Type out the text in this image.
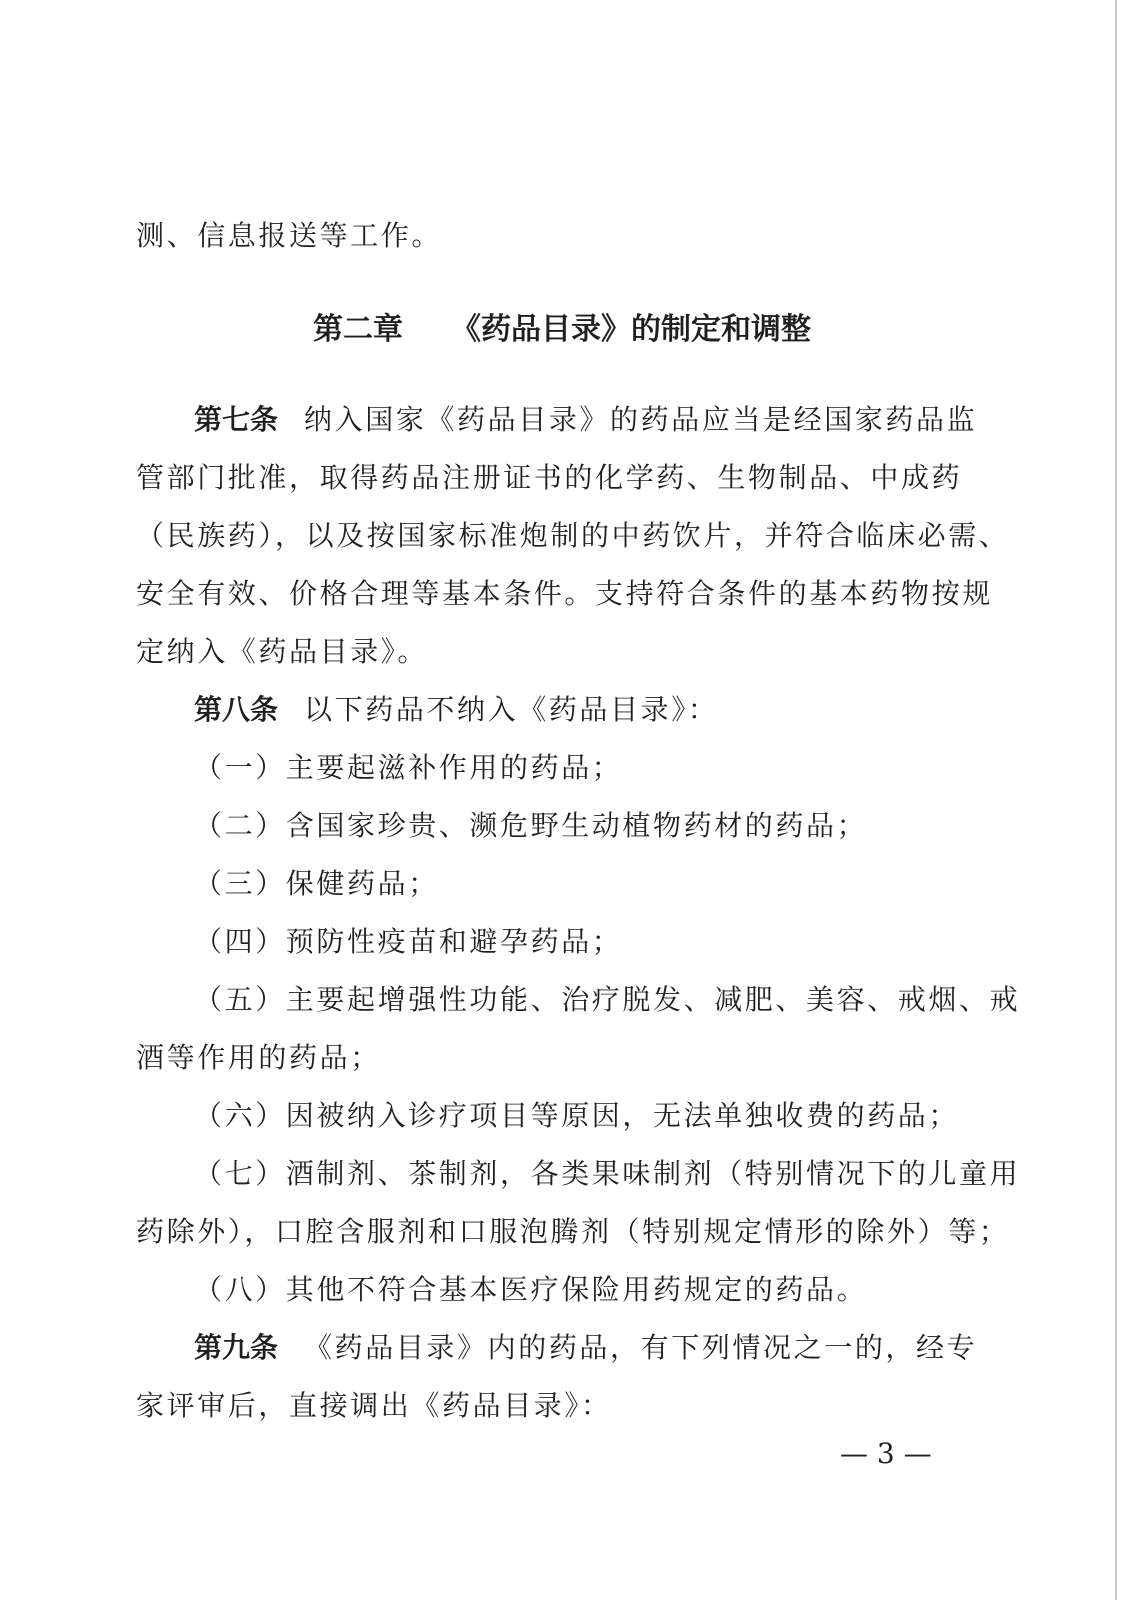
测、信息报送等工作。
第二章 《药品目录》的制定和调整
第七条 纳入国家《药品目录》的药品应当是经国家药品监
管部门批准，取得药品注册证书的化学药、生物制品、中成药
（民族药），以及按国家标准炮制的中药饮片，并符合临床必需、
安全有效、价格合理等基本条件。支持符合条件的基本药物按规
定纳入《药品目录》。
第八条 以下药品不纳入《药品目录》：
（一）主要起滋补作用的药品；
（二）含国家珍贵、濒危野生动植物药材的药品；
（三）保健药品；
（四）预防性疫苗和避孕药品；
（五）主要起增强性功能、治疗脱发、减肥、美容、戒烟、戒
酒等作用的药品；
（六）因被纳入诊疗项目等原因，无法单独收费的药品；
（七）酒制剂、茶制剂，各类果味制剂（特别情况下的儿童用
药除外），口腔含服剂和口服泡腾剂（特别规定情形的除外）等；
（八）其他不符合基本医疗保险用药规定的药品。
第九条 《药品目录》内的药品，有下列情况之一的，经专
家评审后，直接调出《药品目录》：
— 3 —
